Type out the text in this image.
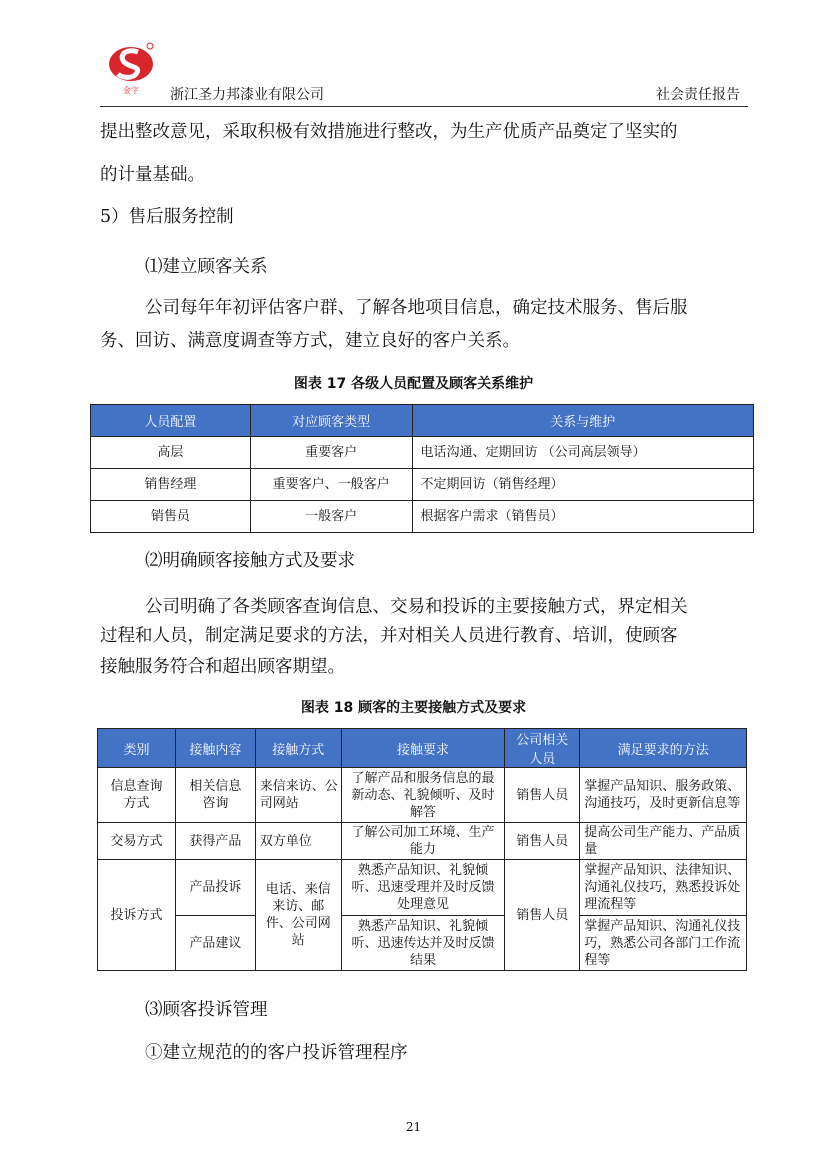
金字 浙江圣力邦漆业有限公司	社会责任报告
提出整改意见，采取积极有效措施进行整改，为生产优质产品奠定了坚实的
的计量基础。
5）售后服务控制
⑴建立顾客关系
公司每年年初评估客户群、了解各地项目信息，确定技术服务、售后服
务、回访、满意度调查等方式，建立良好的客户关系。
图表 17 各级人员配置及顾客关系维护
人员配置	对应顾客类型	关系与维护
高层	重要客户	电话沟通、定期回访 （公司高层领导）
销售经理	重要客户、一般客户	不定期回访（销售经理）
销售员	一般客户	根据客户需求（销售员）
⑵明确顾客接触方式及要求
公司明确了各类顾客查询信息、交易和投诉的主要接触方式，界定相关
过程和人员，制定满足要求的方法，并对相关人员进行教育、培训，使顾客
接触服务符合和超出顾客期望。
图表 18 顾客的主要接触方式及要求
类别	接触内容	接触方式	接触要求	公司相关人员	满足要求的方法
信息查询方式	相关信息咨询	来信来访、公司网站	了解产品和服务信息的最新动态、礼貌倾听、及时解答	销售人员	掌握产品知识、服务政策、沟通技巧，及时更新信息等
交易方式	获得产品	双方单位	了解公司加工环境、生产能力	销售人员	提高公司生产能力、产品质量
投诉方式	产品投诉	电话、来信来访、邮件、公司网站	熟悉产品知识、礼貌倾听、迅速受理并及时反馈处理意见	销售人员	掌握产品知识、法律知识、沟通礼仪技巧，熟悉投诉处理流程等
	产品建议		熟悉产品知识、礼貌倾听、迅速传达并及时反馈结果		掌握产品知识、沟通礼仪技巧，熟悉公司各部门工作流程等
⑶顾客投诉管理
①建立规范的的客户投诉管理程序
21
